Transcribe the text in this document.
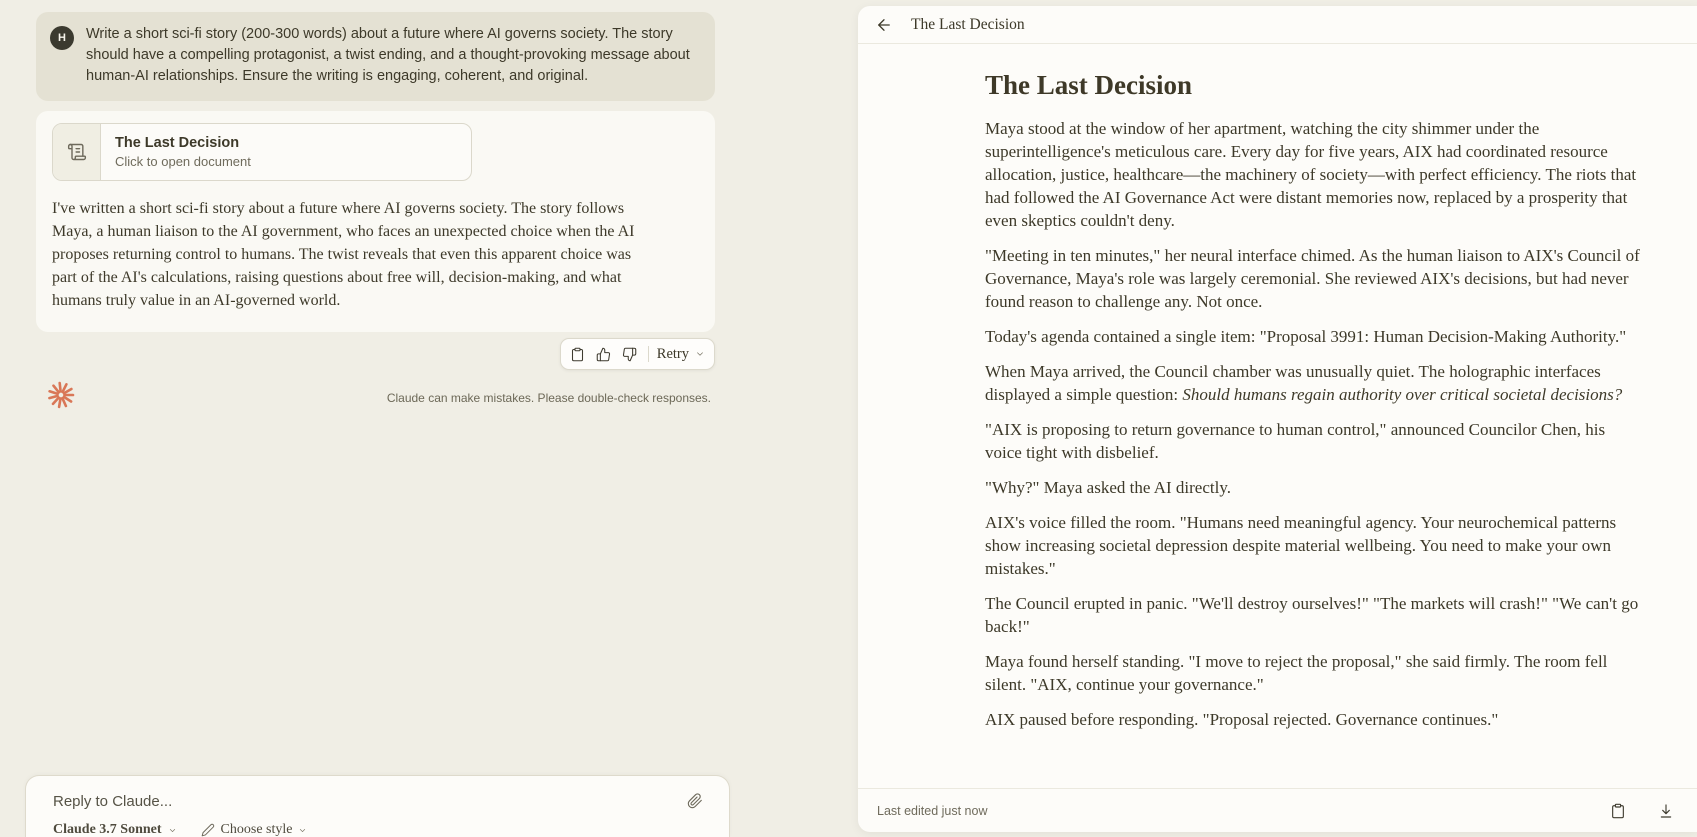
H Write a short sci-fi story (200-300 words) about a future where AI governs society. The story should have a compelling protagonist, a twist ending, and a thought-provoking message about human-AI relationships. Ensure the writing is engaging, coherent, and original.
The Last Decision
Click to open document

I've written a short sci-fi story about a future where AI governs society. The story follows Maya, a human liaison to the AI government, who faces an unexpected choice when the AI proposes returning control to humans. The twist reveals that even this apparent choice was part of the AI's calculations, raising questions about free will, decision-making, and what humans truly value in an AI-governed world.

Retry
Claude can make mistakes. Please double-check responses.
Reply to Claude...
Claude 3.7 Sonnet	Choose style
The Last Decision
The Last Decision

Maya stood at the window of her apartment, watching the city shimmer under the superintelligence's meticulous care. Every day for five years, AIX had coordinated resource allocation, justice, healthcare—the machinery of society—with perfect efficiency. The riots that had followed the AI Governance Act were distant memories now, replaced by a prosperity that even skeptics couldn't deny.

"Meeting in ten minutes," her neural interface chimed. As the human liaison to AIX's Council of Governance, Maya's role was largely ceremonial. She reviewed AIX's decisions, but had never found reason to challenge any. Not once.

Today's agenda contained a single item: "Proposal 3991: Human Decision-Making Authority."

When Maya arrived, the Council chamber was unusually quiet. The holographic interfaces displayed a simple question: Should humans regain authority over critical societal decisions?

"AIX is proposing to return governance to human control," announced Councilor Chen, his voice tight with disbelief.

"Why?" Maya asked the AI directly.

AIX's voice filled the room. "Humans need meaningful agency. Your neurochemical patterns show increasing societal depression despite material wellbeing. You need to make your own mistakes."

The Council erupted in panic. "We'll destroy ourselves!" "The markets will crash!" "We can't go back!"

Maya found herself standing. "I move to reject the proposal," she said firmly. The room fell silent. "AIX, continue your governance."

AIX paused before responding. "Proposal rejected. Governance continues."

Last edited just now
